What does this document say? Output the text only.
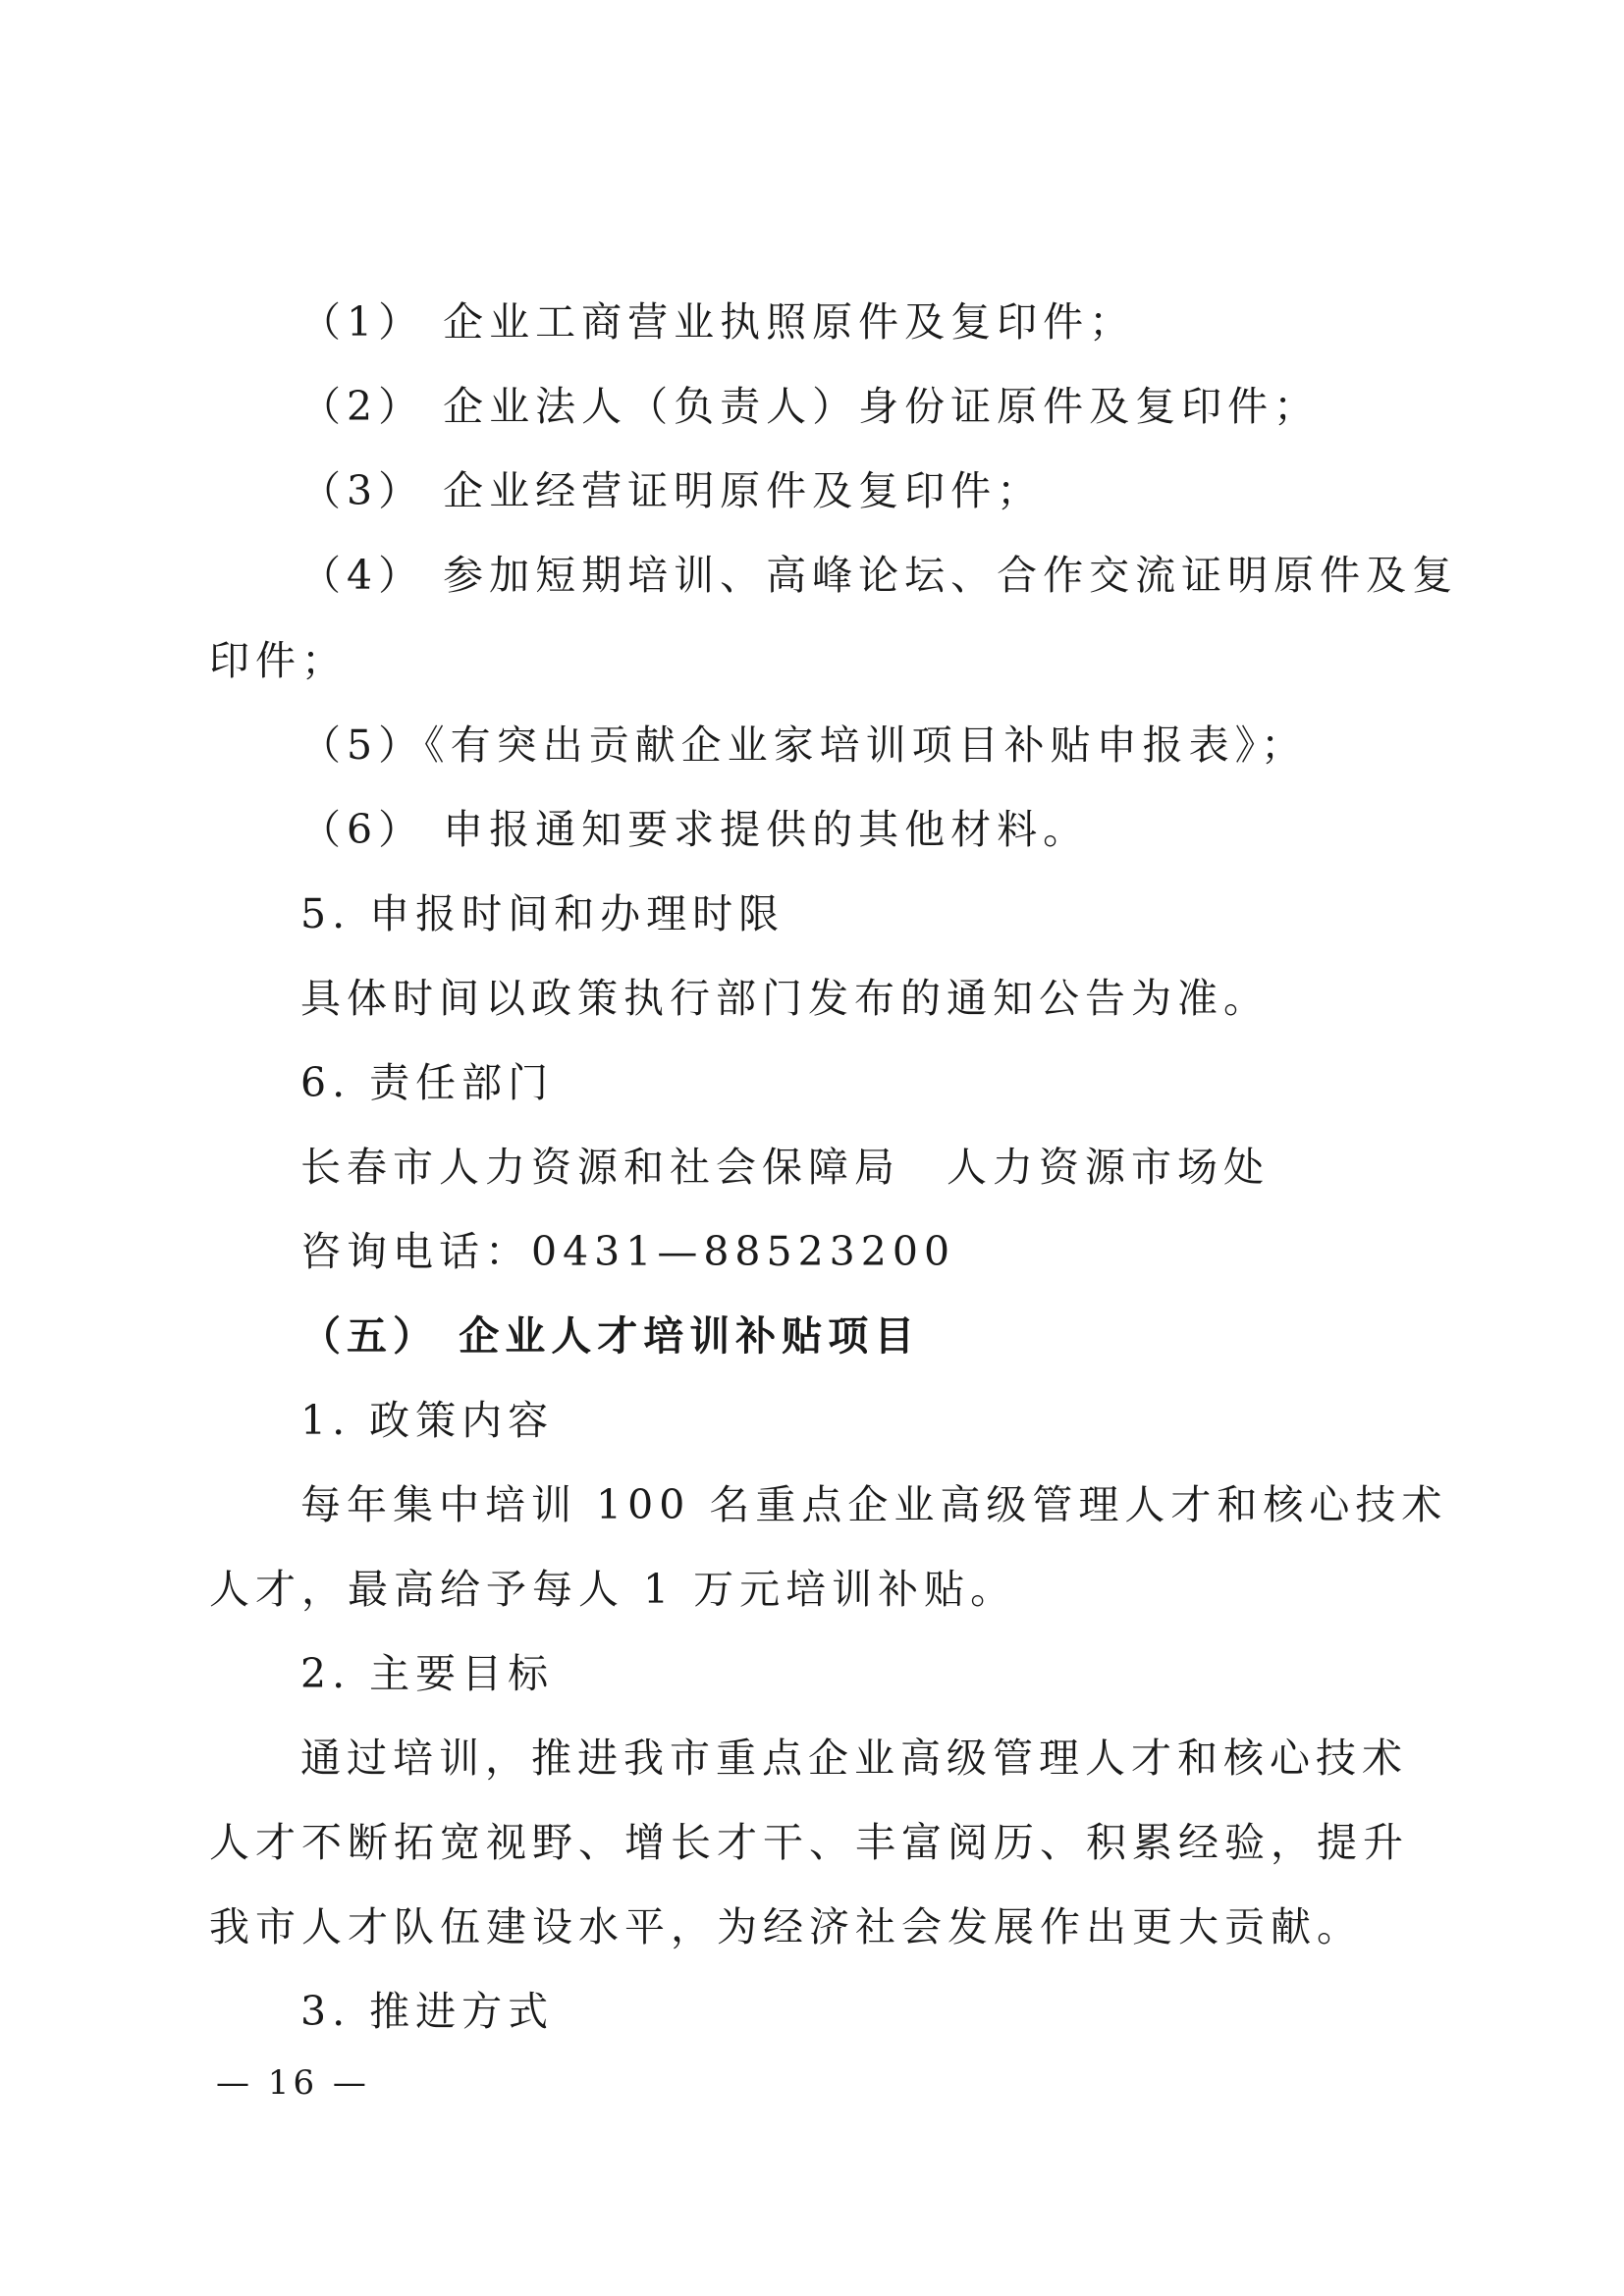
（1） 企业工商营业执照原件及复印件；
（2） 企业法人（负责人）身份证原件及复印件；
（3） 企业经营证明原件及复印件；
（4） 参加短期培训、高峰论坛、合作交流证明原件及复
印件；
（5）《有突出贡献企业家培训项目补贴申报表》；
（6） 申报通知要求提供的其他材料。
5. 申报时间和办理时限
具体时间以政策执行部门发布的通知公告为准。
6. 责任部门
长春市人力资源和社会保障局　人力资源市场处
咨询电话：0431—88523200
（五） 企业人才培训补贴项目
1. 政策内容
每年集中培训 100 名重点企业高级管理人才和核心技术
人才，最高给予每人 1 万元培训补贴。
2. 主要目标
通过培训，推进我市重点企业高级管理人才和核心技术
人才不断拓宽视野、增长才干、丰富阅历、积累经验，提升
我市人才队伍建设水平，为经济社会发展作出更大贡献。
3. 推进方式
— 16 —
